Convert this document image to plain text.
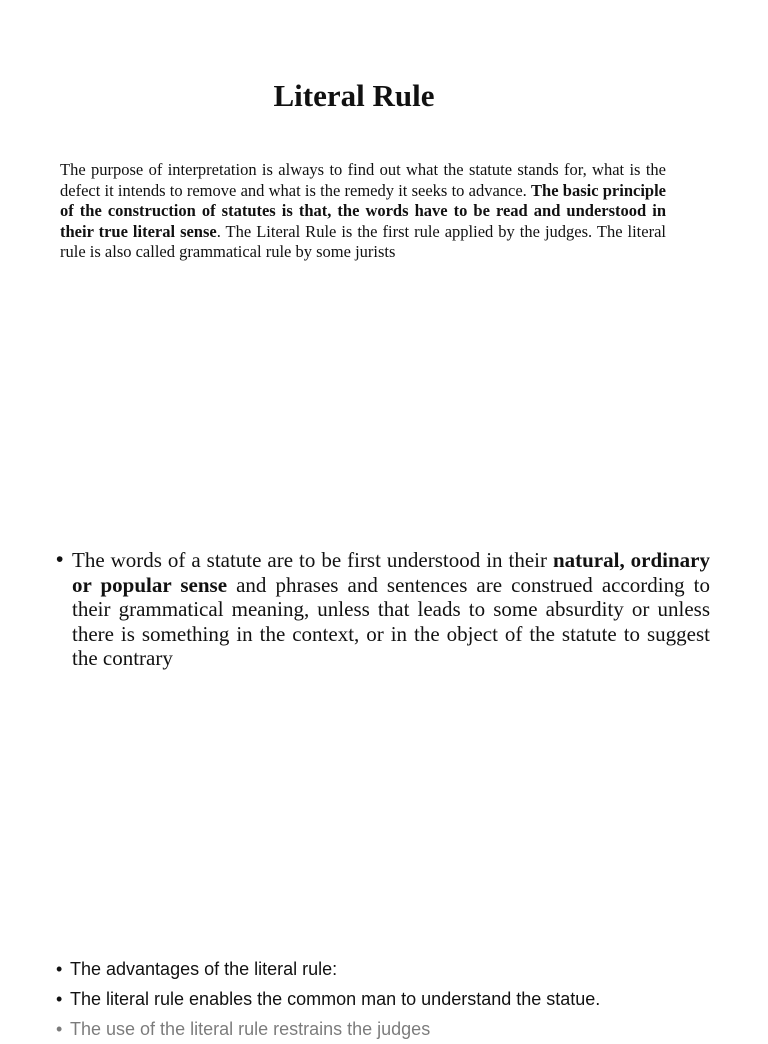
Literal Rule

The purpose of interpretation is always to find out what the statute stands for, what is the defect it intends to remove and what is the remedy it seeks to advance. The basic principle of the construction of statutes is that, the words have to be read and understood in their true literal sense. The Literal Rule is the first rule applied by the judges. The literal rule is also called grammatical rule by some jurists

• The words of a statute are to be first understood in their natural, ordinary or popular sense and phrases and sentences are construed according to their grammatical meaning, unless that leads to some absurdity or unless there is something in the context, or in the object of the statute to suggest the contrary
• The advantages of the literal rule:
• The literal rule enables the common man to understand the statue.
• The use of the literal rule restrains the judges
